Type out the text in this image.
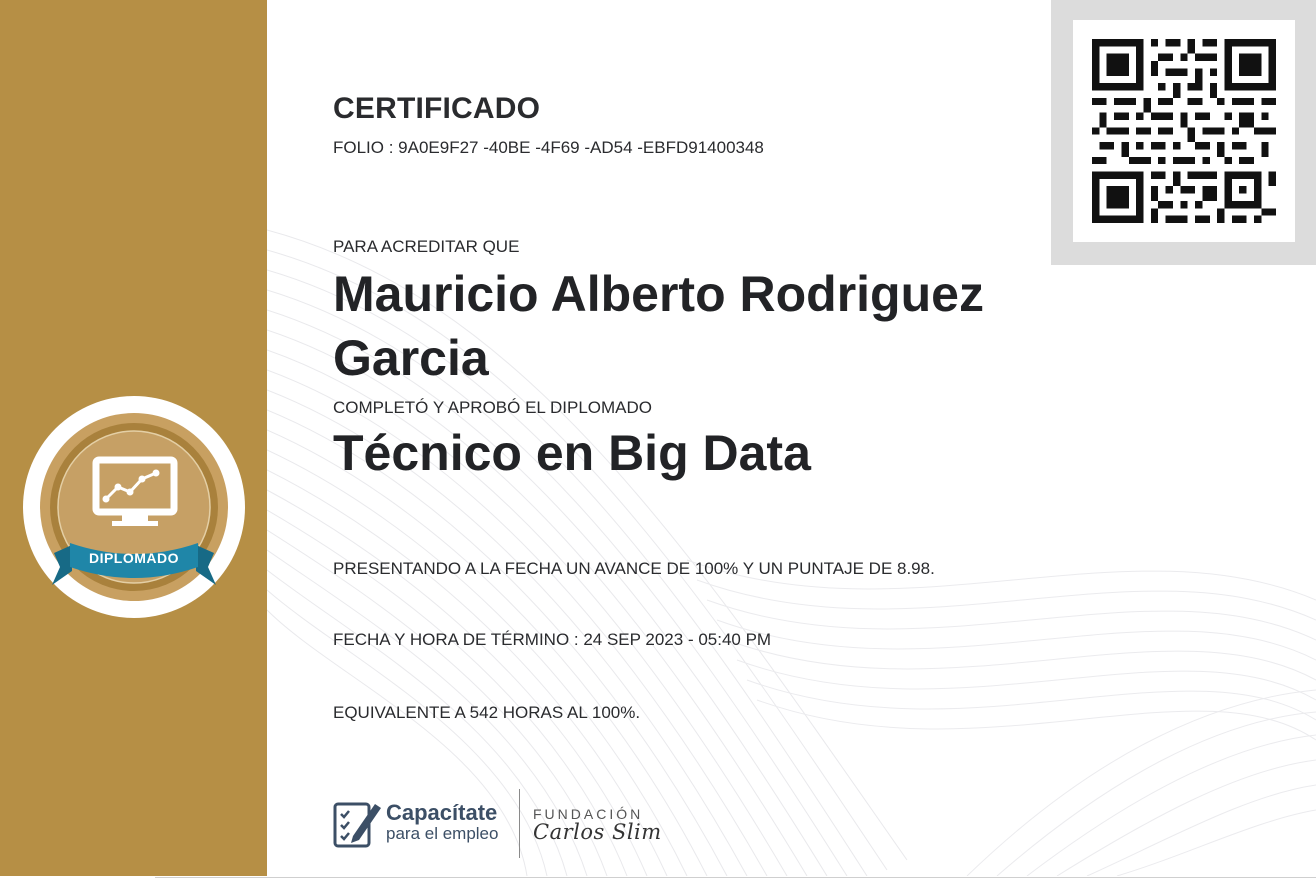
DIPLOMADO
CERTIFICADO
FOLIO : 9A0E9F27 -40BE -4F69 -AD54 -EBFD91400348
PARA ACREDITAR QUE
Mauricio Alberto Rodriguez Garcia
COMPLETÓ Y APROBÓ EL DIPLOMADO
Técnico en Big Data
PRESENTANDO A LA FECHA UN AVANCE DE 100% Y UN PUNTAJE DE 8.98.
FECHA Y HORA DE TÉRMINO : 24 SEP 2023 - 05:40 PM
EQUIVALENTE A 542 HORAS AL 100%.
Capacítate
para el empleo
FUNDACIÓN
Carlos Slim
